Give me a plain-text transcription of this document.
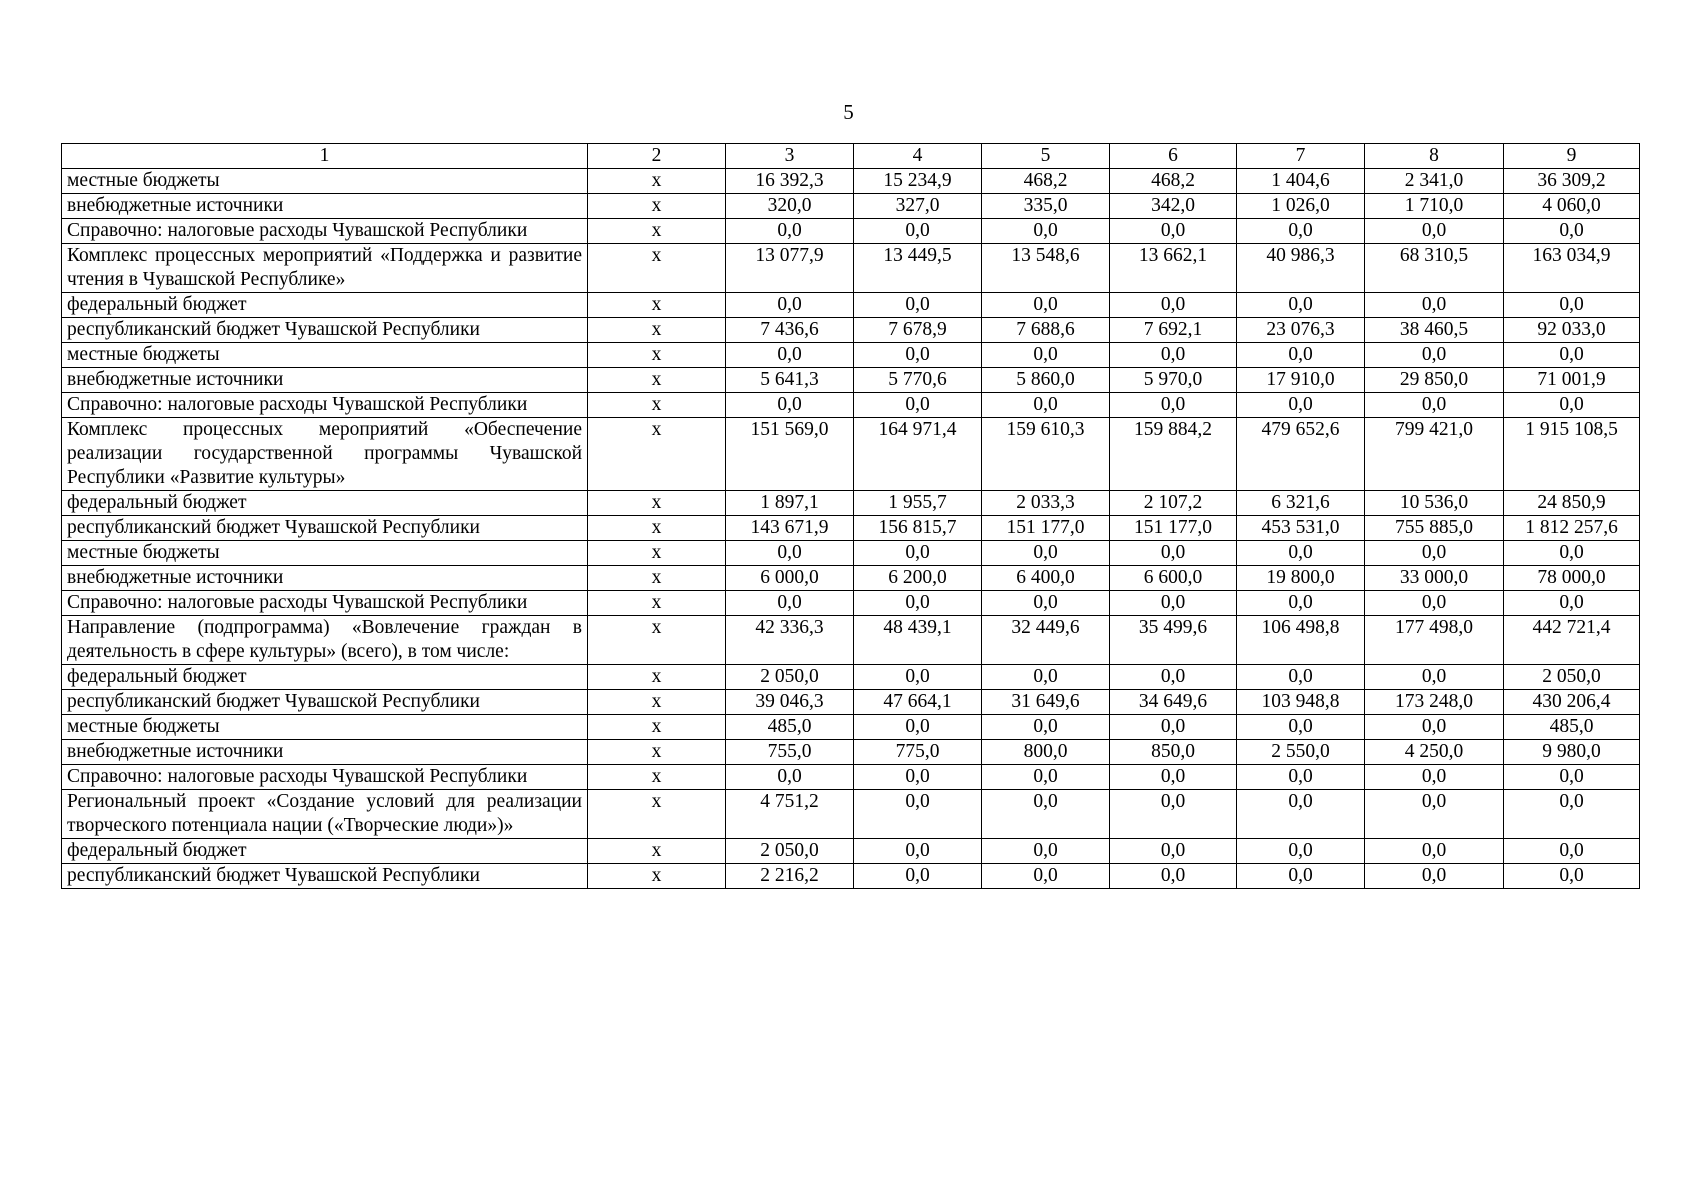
5
1	2	3	4	5	6	7	8	9
местные бюджеты	x	16 392,3	15 234,9	468,2	468,2	1 404,6	2 341,0	36 309,2
внебюджетные источники	x	320,0	327,0	335,0	342,0	1 026,0	1 710,0	4 060,0
Справочно: налоговые расходы Чувашской Республики	x	0,0	0,0	0,0	0,0	0,0	0,0	0,0
Комплекс процессных мероприятий «Поддержка и развитие чтения в Чувашской Республике»	x	13 077,9	13 449,5	13 548,6	13 662,1	40 986,3	68 310,5	163 034,9
федеральный бюджет	x	0,0	0,0	0,0	0,0	0,0	0,0	0,0
республиканский бюджет Чувашской Республики	x	7 436,6	7 678,9	7 688,6	7 692,1	23 076,3	38 460,5	92 033,0
местные бюджеты	x	0,0	0,0	0,0	0,0	0,0	0,0	0,0
внебюджетные источники	x	5 641,3	5 770,6	5 860,0	5 970,0	17 910,0	29 850,0	71 001,9
Справочно: налоговые расходы Чувашской Республики	x	0,0	0,0	0,0	0,0	0,0	0,0	0,0
Комплекс процессных мероприятий «Обеспечение реализации государственной программы Чувашской Республики «Развитие культуры»	x	151 569,0	164 971,4	159 610,3	159 884,2	479 652,6	799 421,0	1 915 108,5
федеральный бюджет	x	1 897,1	1 955,7	2 033,3	2 107,2	6 321,6	10 536,0	24 850,9
республиканский бюджет Чувашской Республики	x	143 671,9	156 815,7	151 177,0	151 177,0	453 531,0	755 885,0	1 812 257,6
местные бюджеты	x	0,0	0,0	0,0	0,0	0,0	0,0	0,0
внебюджетные источники	x	6 000,0	6 200,0	6 400,0	6 600,0	19 800,0	33 000,0	78 000,0
Справочно: налоговые расходы Чувашской Республики	x	0,0	0,0	0,0	0,0	0,0	0,0	0,0
Направление (подпрограмма) «Вовлечение граждан в деятельность в сфере культуры» (всего), в том числе:	x	42 336,3	48 439,1	32 449,6	35 499,6	106 498,8	177 498,0	442 721,4
федеральный бюджет	x	2 050,0	0,0	0,0	0,0	0,0	0,0	2 050,0
республиканский бюджет Чувашской Республики	x	39 046,3	47 664,1	31 649,6	34 649,6	103 948,8	173 248,0	430 206,4
местные бюджеты	x	485,0	0,0	0,0	0,0	0,0	0,0	485,0
внебюджетные источники	x	755,0	775,0	800,0	850,0	2 550,0	4 250,0	9 980,0
Справочно: налоговые расходы Чувашской Республики	x	0,0	0,0	0,0	0,0	0,0	0,0	0,0
Региональный проект «Создание условий для реализации творческого потенциала нации («Творческие люди»)»	x	4 751,2	0,0	0,0	0,0	0,0	0,0	0,0
федеральный бюджет	x	2 050,0	0,0	0,0	0,0	0,0	0,0	0,0
республиканский бюджет Чувашской Республики	x	2 216,2	0,0	0,0	0,0	0,0	0,0	0,0
